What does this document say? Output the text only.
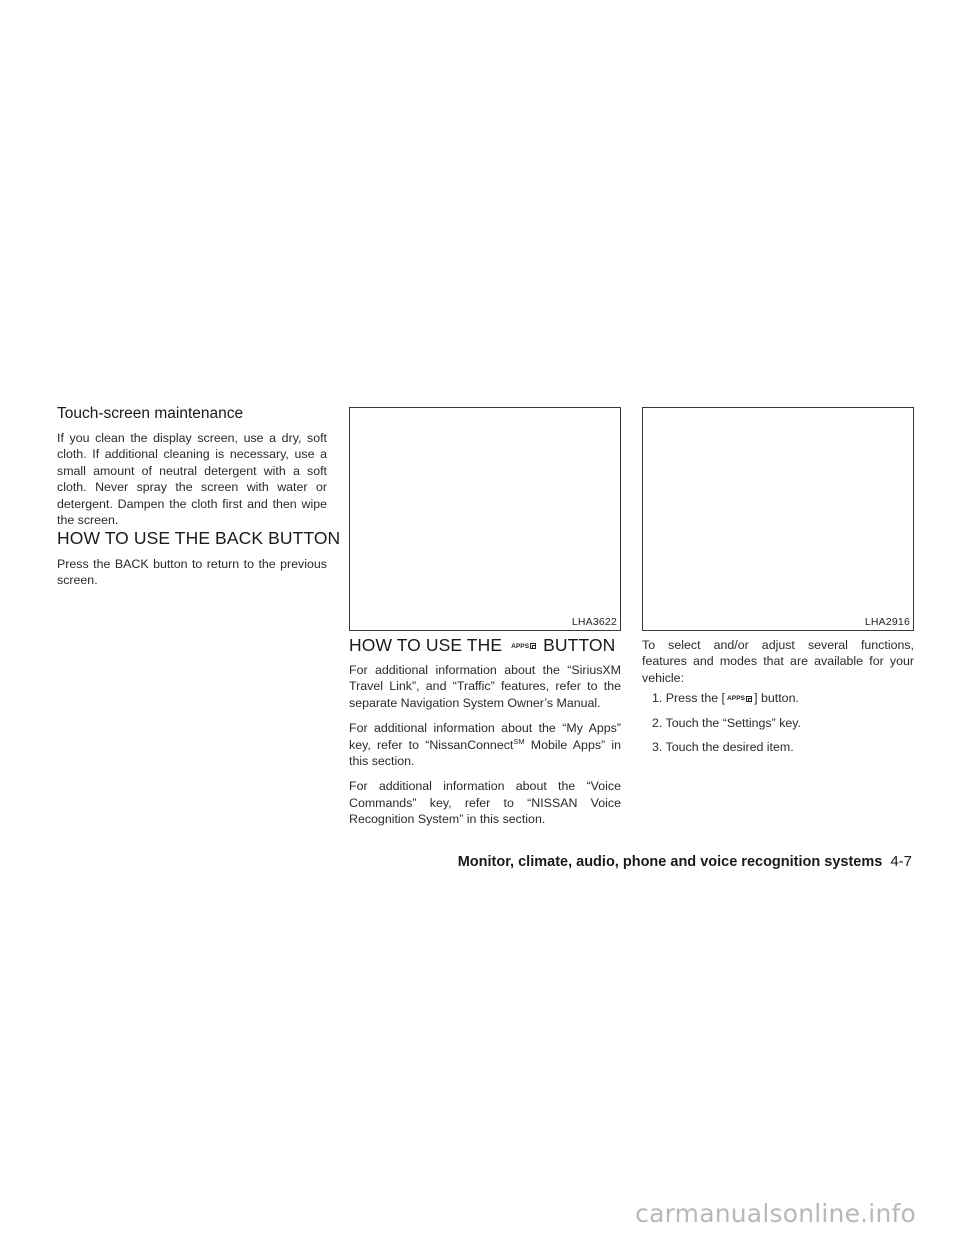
Touch-screen maintenance

If you clean the display screen, use a dry, soft cloth. If additional cleaning is necessary, use a small amount of neutral detergent with a soft cloth. Never spray the screen with water or detergent. Dampen the cloth first and then wipe the screen.

HOW TO USE THE BACK BUTTON

Press the BACK button to return to the previous screen.

LHA3622	LHA2916
HOW TO USE THE APPS BUTTON

For additional information about the “SiriusXM Travel Link”, and “Traffic” features, refer to the separate Navigation System Owner’s Manual.

For additional information about the “My Apps” key, refer to “NissanConnect℠ Mobile Apps” in this section.

For additional information about the “Voice Commands” key, refer to “NISSAN Voice Recognition System” in this section.

To select and/or adjust several functions, features and modes that are available for your vehicle:

1. Press the [ APPS ] button.
2. Touch the “Settings” key.
3. Touch the desired item.
Monitor, climate, audio, phone and voice recognition systems 4-7
carmanualsonline.info
